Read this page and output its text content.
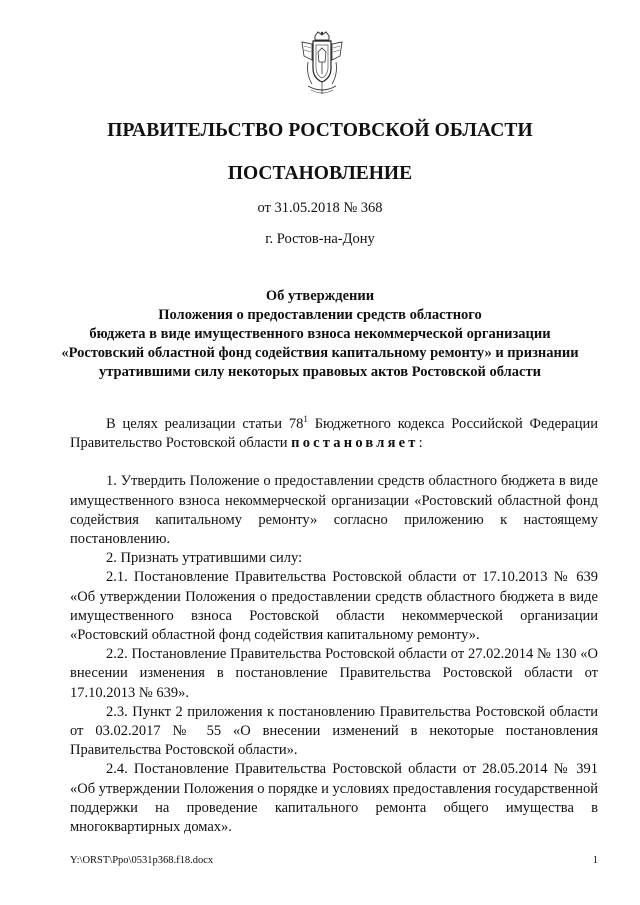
ПРАВИТЕЛЬСТВО РОСТОВСКОЙ ОБЛАСТИ
ПОСТАНОВЛЕНИЕ
от 31.05.2018 № 368
г. Ростов-на-Дону
Об утверждении
Положения о предоставлении средств областного
бюджета в виде имущественного взноса некоммерческой организации
«Ростовский областной фонд содействия капитальному ремонту» и признании
утратившими силу некоторых правовых актов Ростовской области

В целях реализации статьи $78^1$ Бюджетного кодекса Российской Федерации Правительство Ростовской области постановляет:

1. Утвердить Положение о предоставлении средств областного бюджета в виде имущественного взноса некоммерческой организации «Ростовский областной фонд содействия капитальному ремонту» согласно приложению к настоящему постановлению.

2. Признать утратившими силу:

2.1. Постановление Правительства Ростовской области от 17.10.2013 № 639 «Об утверждении Положения о предоставлении средств областного бюджета в виде имущественного взноса Ростовской области некоммерческой организации «Ростовский областной фонд содействия капитальному ремонту».

2.2. Постановление Правительства Ростовской области от 27.02.2014 № 130 «О внесении изменения в постановление Правительства Ростовской области от 17.10.2013 № 639».

2.3. Пункт 2 приложения к постановлению Правительства Ростовской области от 03.02.2017 № 55 «О внесении изменений в некоторые постановления Правительства Ростовской области».

2.4. Постановление Правительства Ростовской области от 28.05.2014 № 391 «Об утверждении Положения о порядке и условиях предоставления государственной поддержки на проведение капитального ремонта общего имущества в многоквартирных домах».

Y:\ORST\Ppo\0531p368.f18.docx	1
